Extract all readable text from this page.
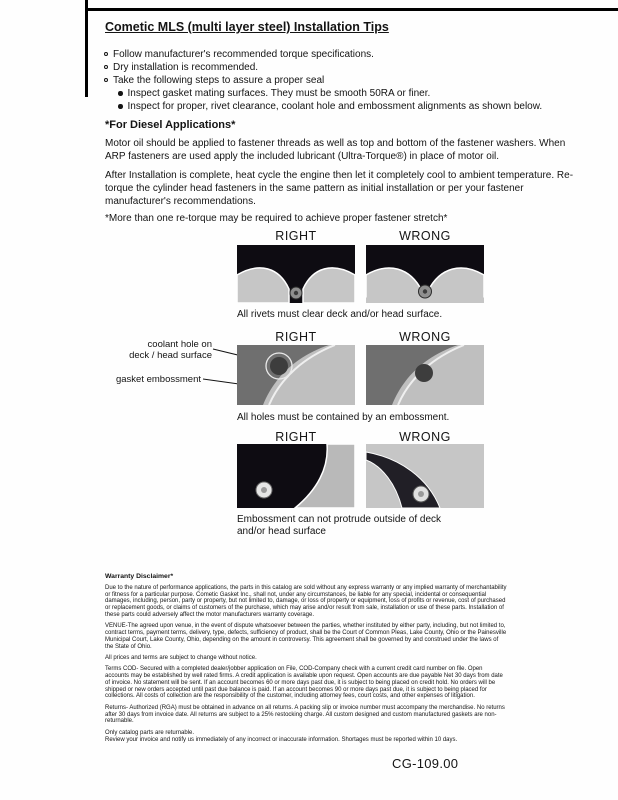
Cometic MLS (multi layer steel) Installation Tips
Follow manufacturer's recommended torque specifications.
Dry installation is recommended.
Take the following steps to assure a proper seal
Inspect gasket mating surfaces. They must be smooth 50RA or finer.
Inspect for proper, rivet clearance, coolant hole and embossment alignments as shown below.
*For Diesel Applications*
Motor oil should be applied to fastener threads as well as top and bottom of the fastener washers. When ARP fasteners are used apply the included lubricant (Ultra-Torque®) in place of motor oil.
After Installation is complete, heat cycle the engine then let it completely cool to ambient temperature. Re-torque the cylinder head fasteners in the same pattern as initial installation or per your fastener manufacturer's recommendations.
*More than one re-torque may be required to achieve proper fastener stretch*
RIGHT	WRONG
All rivets must clear deck and/or head surface.
RIGHT	WRONG
coolant hole on
deck / head surface
gasket embossment
All holes must be contained by an embossment.
RIGHT	WRONG
Embossment can not protrude outside of deck
and/or head surface
Warranty Disclaimer*

Due to the nature of performance applications, the parts in this catalog are sold without any express warranty or any implied warranty of merchantability or fitness for a particular purpose. Cometic Gasket Inc., shall not, under any circumstances, be liable for any special, incidental or consequential damages, including, person, party or property, but not limited to, damage, or loss of property or equipment, loss of profits or revenue, cost of purchased or replacement goods, or claims of customers of the purchase, which may arise and/or result from sale, installation or use of these parts. Installation of these parts could adversely affect the motor manufacturers warranty coverage.

VENUE-The agreed upon venue, in the event of dispute whatsoever between the parties, whether instituted by either party, including, but not limited to, contract terms, payment terms, delivery, type, defects, sufficiency of product, shall be the Court of Common Pleas, Lake County, Ohio or the Painesville Municipal Court, Lake County, Ohio, depending on the amount in controversy. This agreement shall be governed by and construed under the laws of the State of Ohio.

All prices and terms are subject to change without notice.

Terms COD- Secured with a completed dealer/jobber application on File, COD-Company check with a current credit card number on file. Open accounts may be established by well rated firms. A credit application is available upon request. Open accounts are due payable Net 30 days from date of invoice. No statement will be sent. If an account becomes 60 or more days past due, it is subject to being placed on credit hold. No orders will be shipped or new orders accepted until past due balance is paid. If an account becomes 90 or more days past due, it is subject to being placed for collections. All costs of collection are the responsibility of the customer, including attorney fees, court costs, and other expenses of litigation.

Returns- Authorized (RGA) must be obtained in advance on all returns. A packing slip or invoice number must accompany the merchandise. No returns after 30 days from invoice date. All returns are subject to a 25% restocking charge. All custom designed and custom manufactured gaskets are non-returnable.

Only catalog parts are returnable.

Review your invoice and notify us immediately of any incorrect or inaccurate information. Shortages must be reported within 10 days.

CG-109.00
